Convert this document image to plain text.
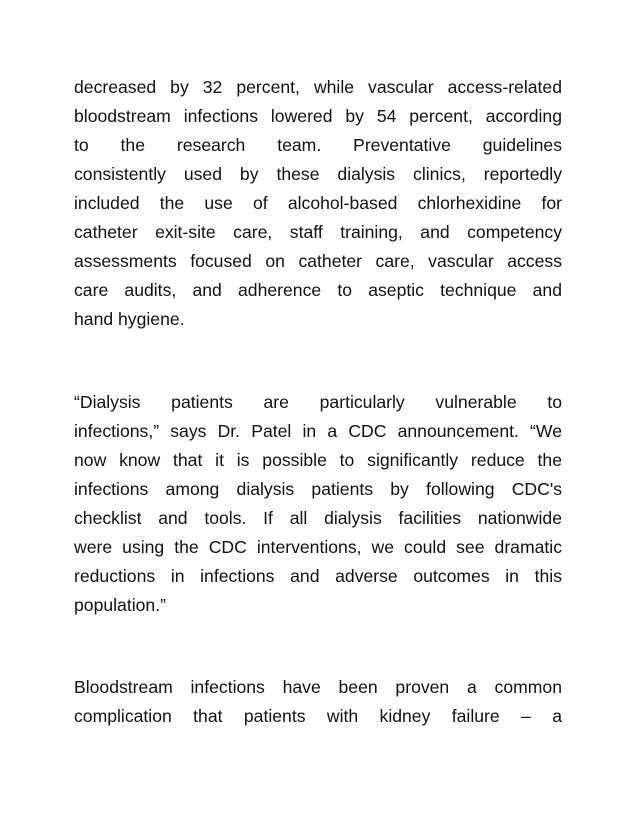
decreased by 32 percent, while vascular access-related
bloodstream infections lowered by 54 percent, according
to the research team. Preventative guidelines
consistently used by these dialysis clinics, reportedly
included the use of alcohol-based chlorhexidine for
catheter exit-site care, staff training, and competency
assessments focused on catheter care, vascular access
care audits, and adherence to aseptic technique and
hand hygiene.

“Dialysis patients are particularly vulnerable to
infections,” says Dr. Patel in a CDC announcement. “We
now know that it is possible to significantly reduce the
infections among dialysis patients by following CDC's
checklist and tools. If all dialysis facilities nationwide
were using the CDC interventions, we could see dramatic
reductions in infections and adverse outcomes in this
population.”

Bloodstream infections have been proven a common
complication that patients with kidney failure – a
